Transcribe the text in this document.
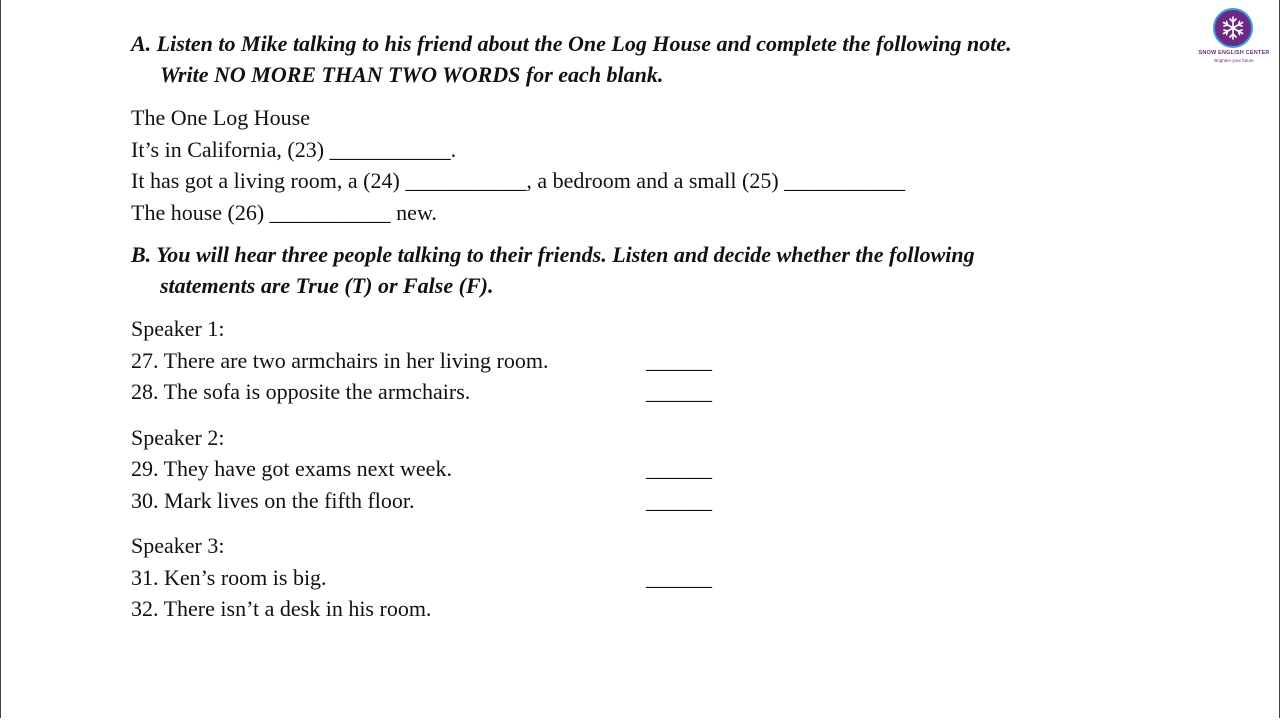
SNOW ENGLISH CENTER
Brighten your future

A. Listen to Mike talking to his friend about the One Log House and complete the following note.
Write NO MORE THAN TWO WORDS for each blank.

The One Log House
It’s in California, (23) ___________.
It has got a living room, a (24) ___________, a bedroom and a small (25) ___________
The house (26) ___________ new.

B. You will hear three people talking to their friends. Listen and decide whether the following
statements are True (T) or False (F).

Speaker 1:
27. There are two armchairs in her living room.	______
28. The sofa is opposite the armchairs.	______
Speaker 2:
29. They have got exams next week.	______
30. Mark lives on the fifth floor.	______
Speaker 3:
31. Ken’s room is big.	______
32. There isn’t a desk in his room.
